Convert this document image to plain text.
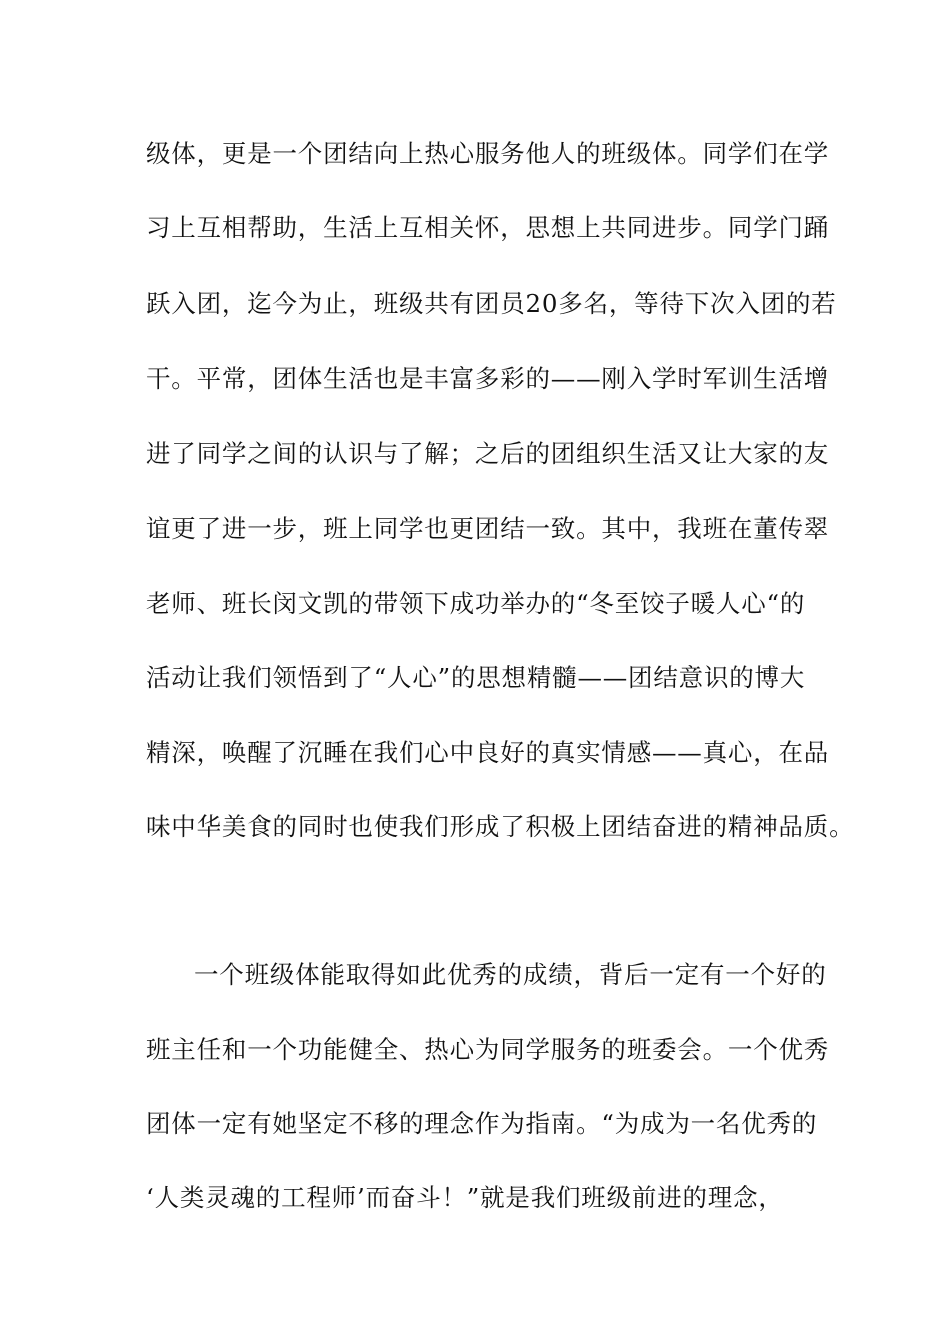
级体，更是一个团结向上热心服务他人的班级体。同学们在学
习上互相帮助，生活上互相关怀，思想上共同进步。同学门踊
跃入团，迄今为止，班级共有团员20多名，等待下次入团的若
干。平常，团体生活也是丰富多彩的——刚入学时军训生活增
进了同学之间的认识与了解；之后的团组织生活又让大家的友
谊更了进一步，班上同学也更团结一致。其中，我班在董传翠
老师、班长闵文凯的带领下成功举办的“冬至饺子暖人心“的
活动让我们领悟到了“人心”的思想精髓——团结意识的博大
精深，唤醒了沉睡在我们心中良好的真实情感——真心，在品
味中华美食的同时也使我们形成了积极上团结奋进的精神品质。
一个班级体能取得如此优秀的成绩，背后一定有一个好的
班主任和一个功能健全、热心为同学服务的班委会。一个优秀
团体一定有她坚定不移的理念作为指南。“为成为一名优秀的
‘人类灵魂的工程师’而奋斗！”就是我们班级前进的理念，
